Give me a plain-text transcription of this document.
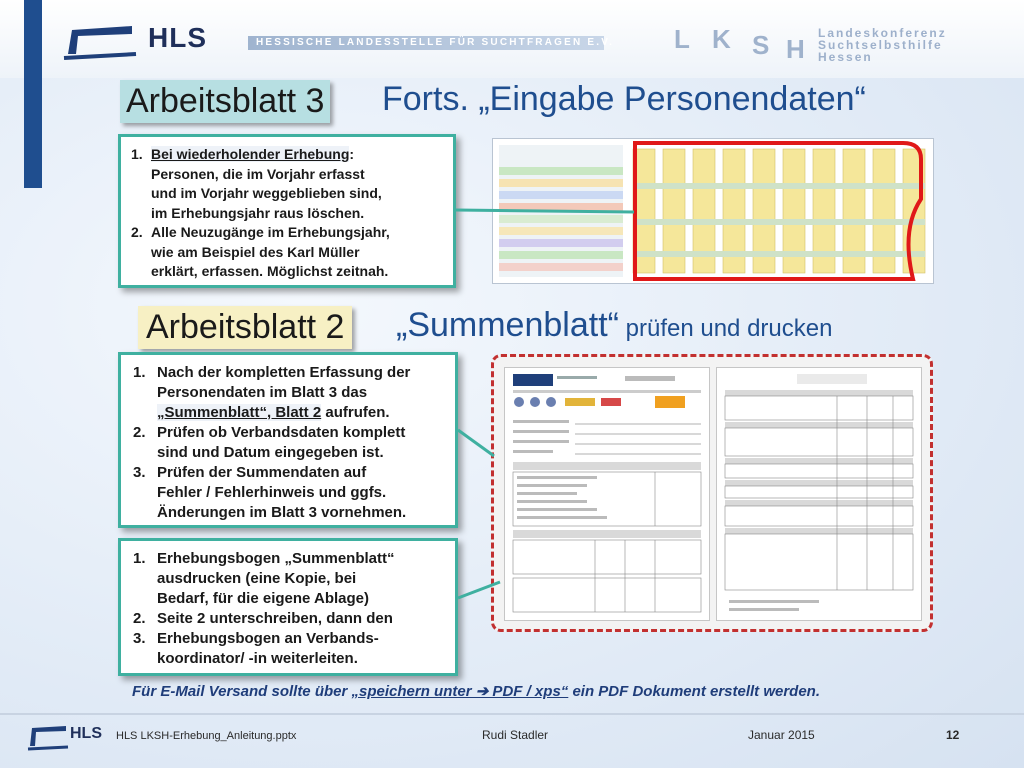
HLS	HESSISCHE LANDESSTELLE FÜR SUCHTFRAGEN E.V. L K S H
Landeskonferenz
Suchtselbsthilfe
Hessen
Arbeitsblatt 3 Forts. „Eingabe Personendaten“
1. Bei wiederholender Erhebung:
Personen, die im Vorjahr erfasst
und im Vorjahr weggeblieben sind,
im Erhebungsjahr raus löschen.
2. Alle Neuzugänge im Erhebungsjahr,
wie am Beispiel des Karl Müller
erklärt, erfassen. Möglichst zeitnah.
Arbeitsblatt 2 „Summenblatt“ prüfen und drucken
1. Nach der kompletten Erfassung der
Personendaten im Blatt 3 das
„Summenblatt“, Blatt 2 aufrufen.
2. Prüfen ob Verbandsdaten komplett
sind und Datum eingegeben ist.
3. Prüfen der Summendaten auf
Fehler / Fehlerhinweis und ggfs.
Änderungen im Blatt 3 vornehmen.
1. Erhebungsbogen „Summenblatt“
ausdrucken (eine Kopie, bei
Bedarf, für die eigene Ablage)
2. Seite 2 unterschreiben, dann den
3. Erhebungsbogen an Verbands-
koordinator/ -in weiterleiten.
Für E-Mail Versand sollte über „speichern unter ➔ PDF / xps“ ein PDF Dokument erstellt werden.
HLS HLS LKSH-Erhebung_Anleitung.pptx	Rudi Stadler	Januar 2015	12
